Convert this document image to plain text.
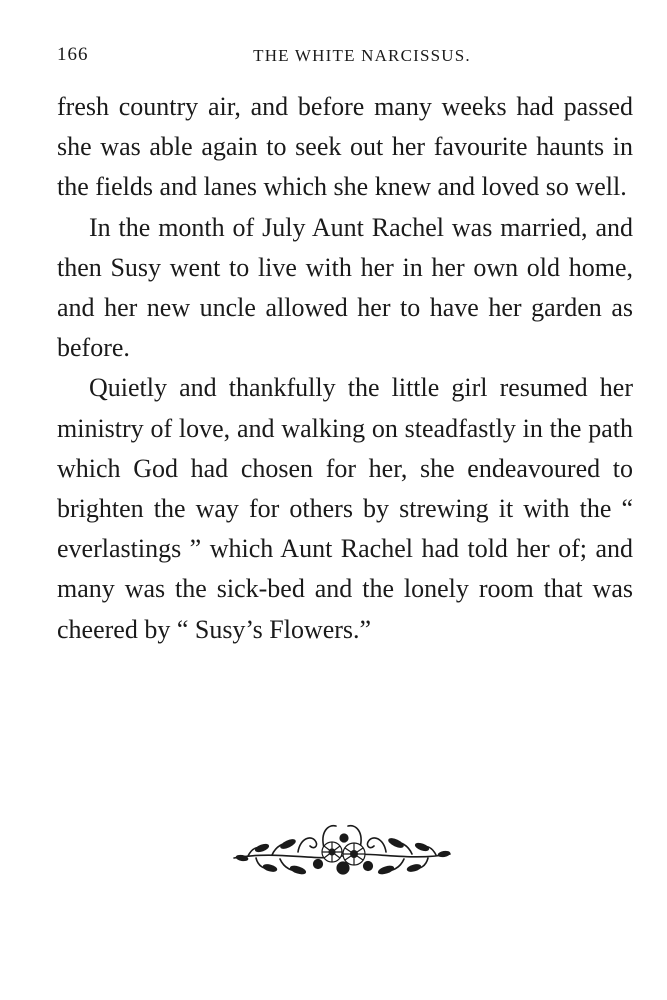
166	THE WHITE NARCISSUS.

fresh country air, and before many weeks had passed she was able again to seek out her favourite haunts in the fields and lanes which she knew and loved so well.

In the month of July Aunt Rachel was married, and then Susy went to live with her in her own old home, and her new uncle allowed her to have her garden as before.

Quietly and thankfully the little girl resumed her ministry of love, and walking on steadfastly in the path which God had chosen for her, she endeavoured to brighten the way for others by strewing it with the “ everlastings ” which Aunt Rachel had told her of; and many was the sick-bed and the lonely room that was cheered by “ Susy’s Flowers.”
